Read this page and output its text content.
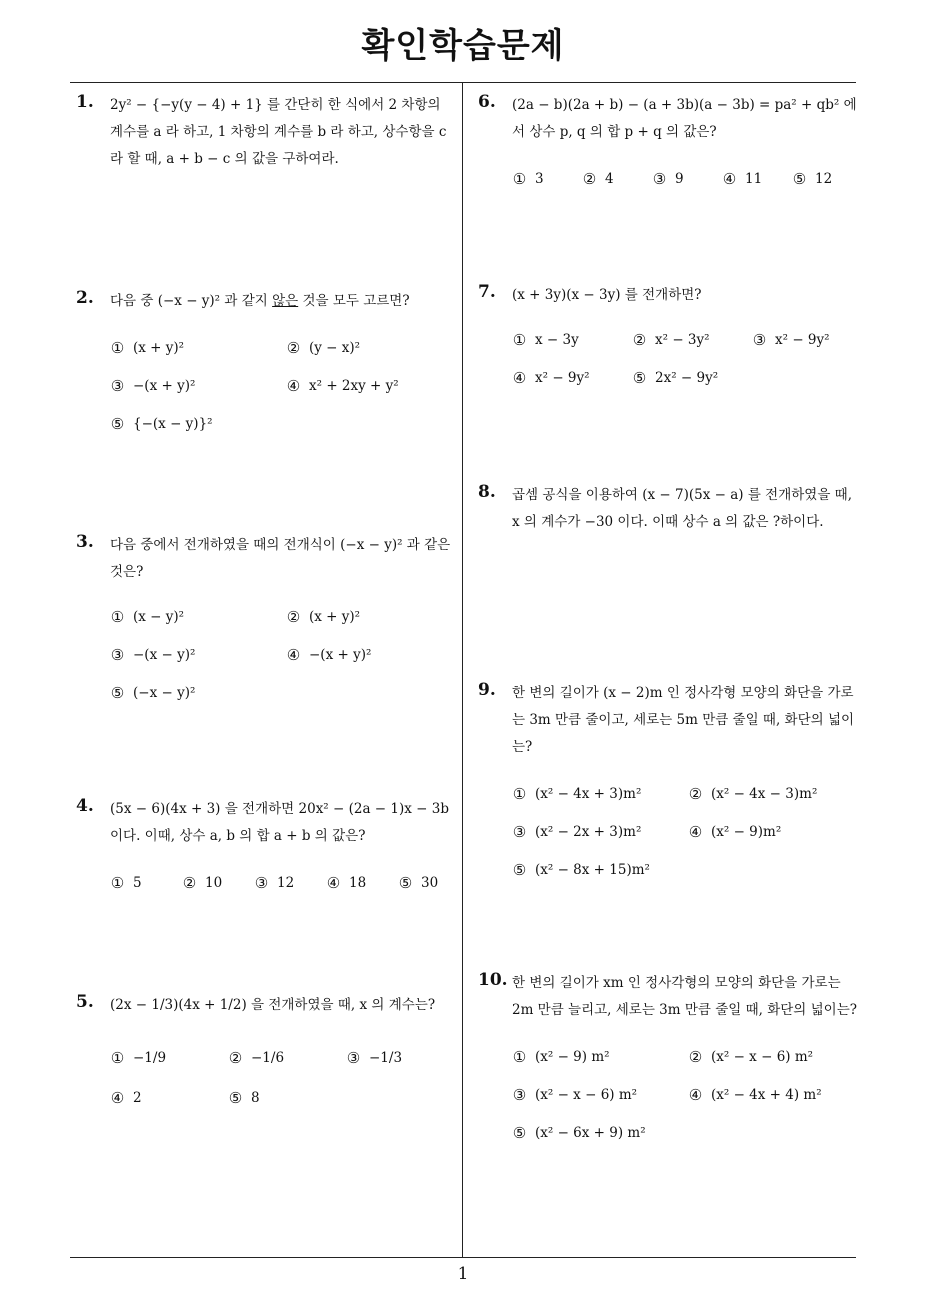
확인학습문제
1
1. 2y² − {−y(y − 4) + 1} 를 간단히 한 식에서 2 차항의 계수를 a 라 하고, 1 차항의 계수를 b 라 하고, 상수항을 c 라 할 때, a + b − c 의 값을 구하여라.
2. 다음 중 (−x − y)² 과 같지 않은 것을 모두 고르면?
① (x + y)²	② (y − x)²
③ −(x + y)²	④ x² + 2xy + y²
⑤ {−(x − y)}²
3. 다음 중에서 전개하였을 때의 전개식이 (−x − y)² 과 같은 것은?
① (x − y)²	② (x + y)²
③ −(x − y)²	④ −(x + y)²
⑤ (−x − y)²
4. (5x − 6)(4x + 3) 을 전개하면 20x² − (2a − 1)x − 3b 이다. 이때, 상수 a, b 의 합 a + b 의 값은?
① 5	② 10	③ 12	④ 18	⑤ 30
5. (2x − 1/3)(4x + 1/2) 을 전개하였을 때, x 의 계수는?
① −1/9	② −1/6	③ −1/3
④ 2	⑤ 8
6. (2a − b)(2a + b) − (a + 3b)(a − 3b) = pa² + qb² 에서 상수 p, q 의 합 p + q 의 값은?
① 3	② 4	③ 9	④ 11	⑤ 12
7. (x + 3y)(x − 3y) 를 전개하면?
① x − 3y	② x² − 3y²	③ x² − 9y²
④ x² − 9y²	⑤ 2x² − 9y²
8. 곱셈 공식을 이용하여 (x − 7)(5x − a) 를 전개하였을 때, x 의 계수가 −30 이다. 이때 상수 a 의 값은 ?하이다.
9. 한 변의 길이가 (x − 2)m 인 정사각형 모양의 화단을 가로는 3m 만큼 줄이고, 세로는 5m 만큼 줄일 때, 화단의 넓이는?
① (x² − 4x + 3)m²	② (x² − 4x − 3)m²
③ (x² − 2x + 3)m²	④ (x² − 9)m²
⑤ (x² − 8x + 15)m²
10. 한 변의 길이가 xm 인 정사각형의 모양의 화단을 가로는 2m 만큼 늘리고, 세로는 3m 만큼 줄일 때, 화단의 넓이는?
① (x² − 9) m²	② (x² − x − 6) m²
③ (x² − x − 6) m²	④ (x² − 4x + 4) m²
⑤ (x² − 6x + 9) m²
